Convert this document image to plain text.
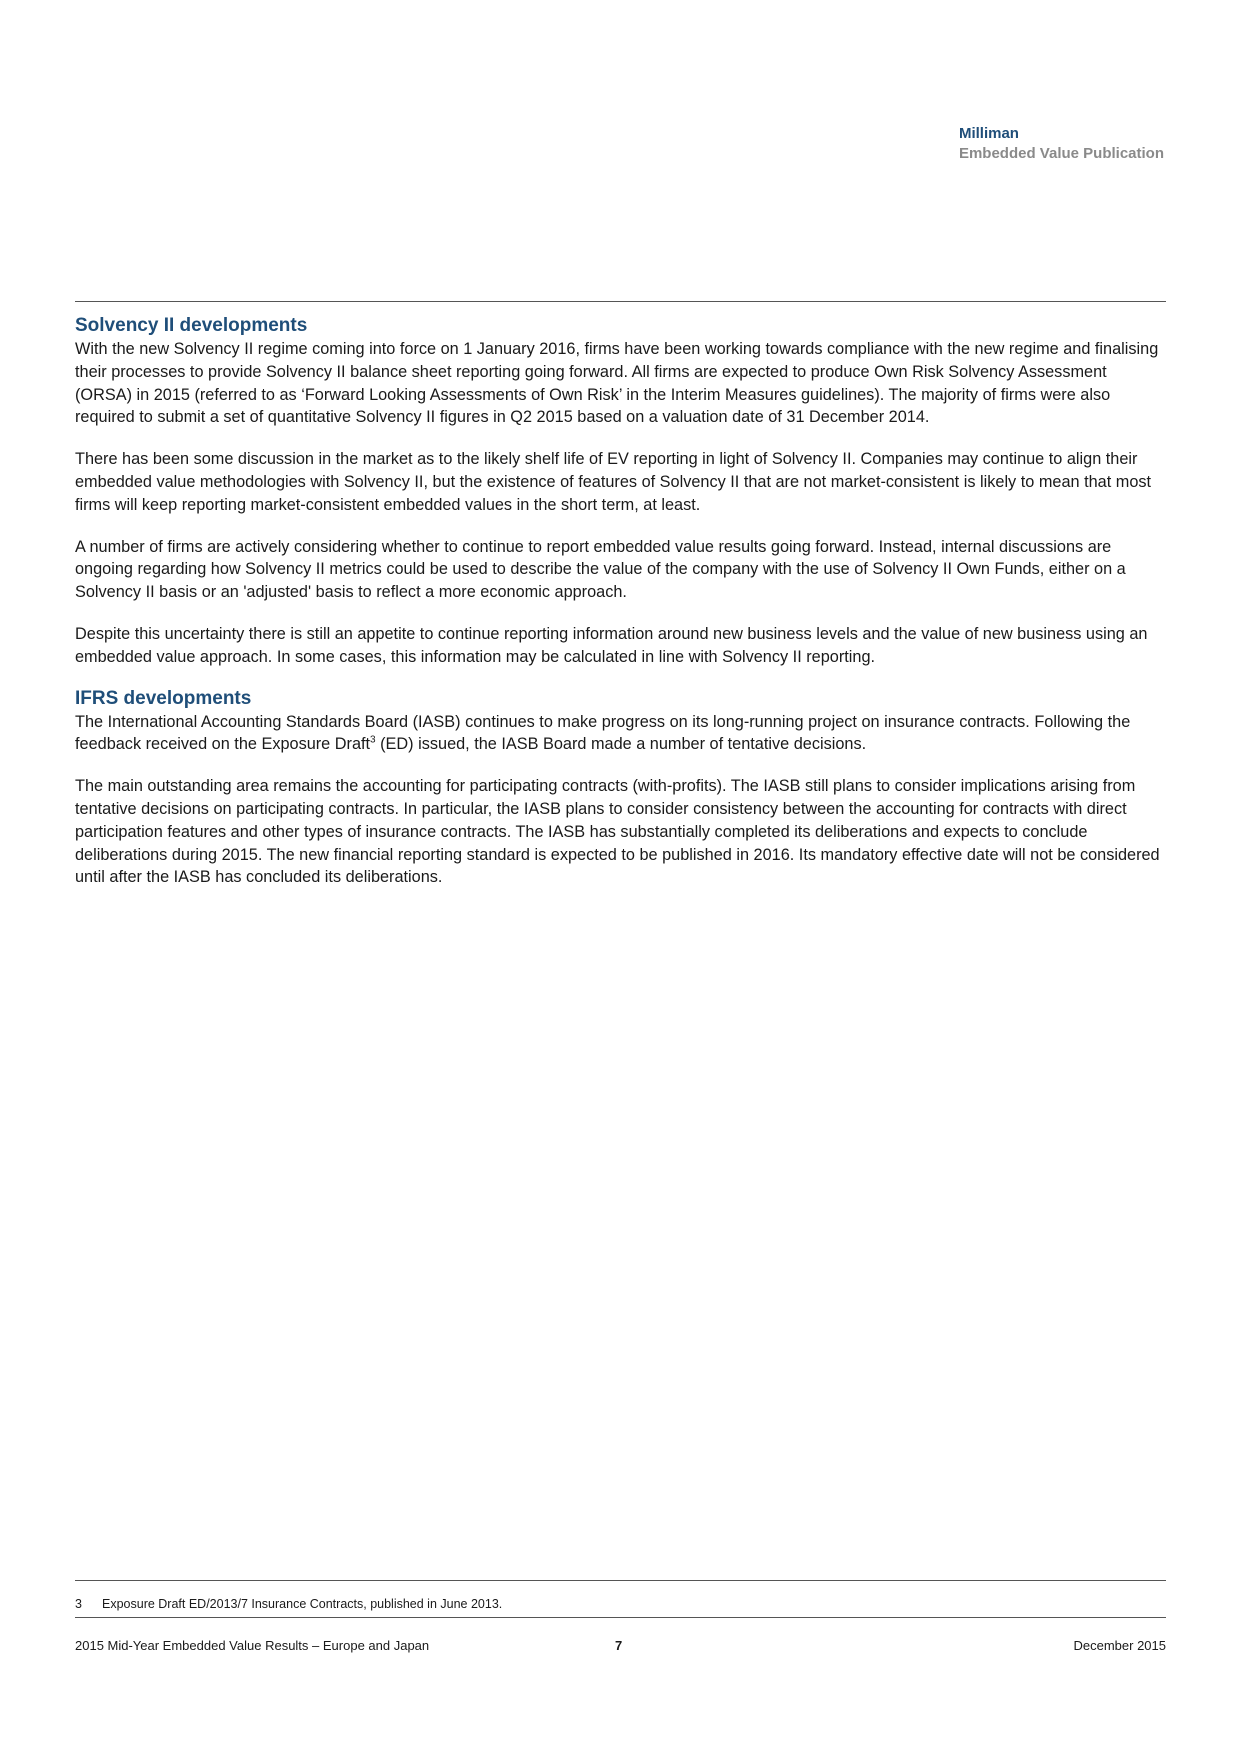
Milliman
Embedded Value Publication
Solvency II developments

With the new Solvency II regime coming into force on 1 January 2016, firms have been working towards compliance with the new regime and finalising their processes to provide Solvency II balance sheet reporting going forward. All firms are expected to produce Own Risk Solvency Assessment (ORSA) in 2015 (referred to as ‘Forward Looking Assessments of Own Risk’ in the Interim Measures guidelines). The majority of firms were also required to submit a set of quantitative Solvency II figures in Q2 2015 based on a valuation date of 31 December 2014.

There has been some discussion in the market as to the likely shelf life of EV reporting in light of Solvency II. Companies may continue to align their embedded value methodologies with Solvency II, but the existence of features of Solvency II that are not market-consistent is likely to mean that most firms will keep reporting market-consistent embedded values in the short term, at least.

A number of firms are actively considering whether to continue to report embedded value results going forward. Instead, internal discussions are ongoing regarding how Solvency II metrics could be used to describe the value of the company with the use of Solvency II Own Funds, either on a Solvency II basis or an 'adjusted' basis to reflect a more economic approach.

Despite this uncertainty there is still an appetite to continue reporting information around new business levels and the value of new business using an embedded value approach. In some cases, this information may be calculated in line with Solvency II reporting.

IFRS developments

The International Accounting Standards Board (IASB) continues to make progress on its long-running project on insurance contracts. Following the feedback received on the Exposure Draft$^3$ (ED) issued, the IASB Board made a number of tentative decisions.

The main outstanding area remains the accounting for participating contracts (with-profits). The IASB still plans to consider implications arising from tentative decisions on participating contracts. In particular, the IASB plans to consider consistency between the accounting for contracts with direct participation features and other types of insurance contracts. The IASB has substantially completed its deliberations and expects to conclude deliberations during 2015. The new financial reporting standard is expected to be published in 2016. Its mandatory effective date will not be considered until after the IASB has concluded its deliberations.

3 Exposure Draft ED/2013/7 Insurance Contracts, published in June 2013.
2015 Mid-Year Embedded Value Results – Europe and Japan	7	December 2015
